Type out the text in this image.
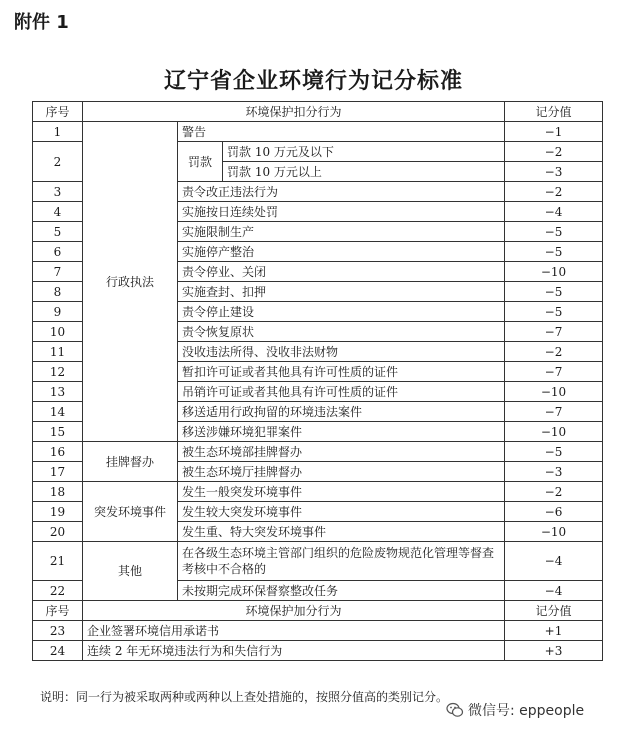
附件 1
辽宁省企业环境行为记分标准
序号	环境保护扣分行为			记分值
1	行政执法	警告		−1
2		罚款	罚款 10 万元及以下	−2
			罚款 10 万元以上	−3
3		责令改正违法行为		−2
4		实施按日连续处罚		−4
5		实施限制生产		−5
6		实施停产整治		−5
7		责令停业、关闭		−10
8		实施查封、扣押		−5
9		责令停止建设		−5
10		责令恢复原状		−7
11		没收违法所得、没收非法财物		−2
12		暂扣许可证或者其他具有许可性质的证件		−7
13		吊销许可证或者其他具有许可性质的证件		−10
14		移送适用行政拘留的环境违法案件		−7
15		移送涉嫌环境犯罪案件		−10
16	挂牌督办	被生态环境部挂牌督办		−5
17		被生态环境厅挂牌督办		−3
18	突发环境事件	发生一般突发环境事件		−2
19		发生较大突发环境事件		−6
20		发生重、特大突发环境事件		−10
21	其他	在各级生态环境主管部门组织的危险废物规范化管理等督查考核中不合格的		−4
22		未按期完成环保督察整改任务		−4
序号	环境保护加分行为			记分值
23	企业签署环境信用承诺书			+1
24	连续 2 年无环境违法行为和失信行为			+3
说明：同一行为被采取两种或两种以上查处措施的，按照分值高的类别记分。
微信号: eppeople
